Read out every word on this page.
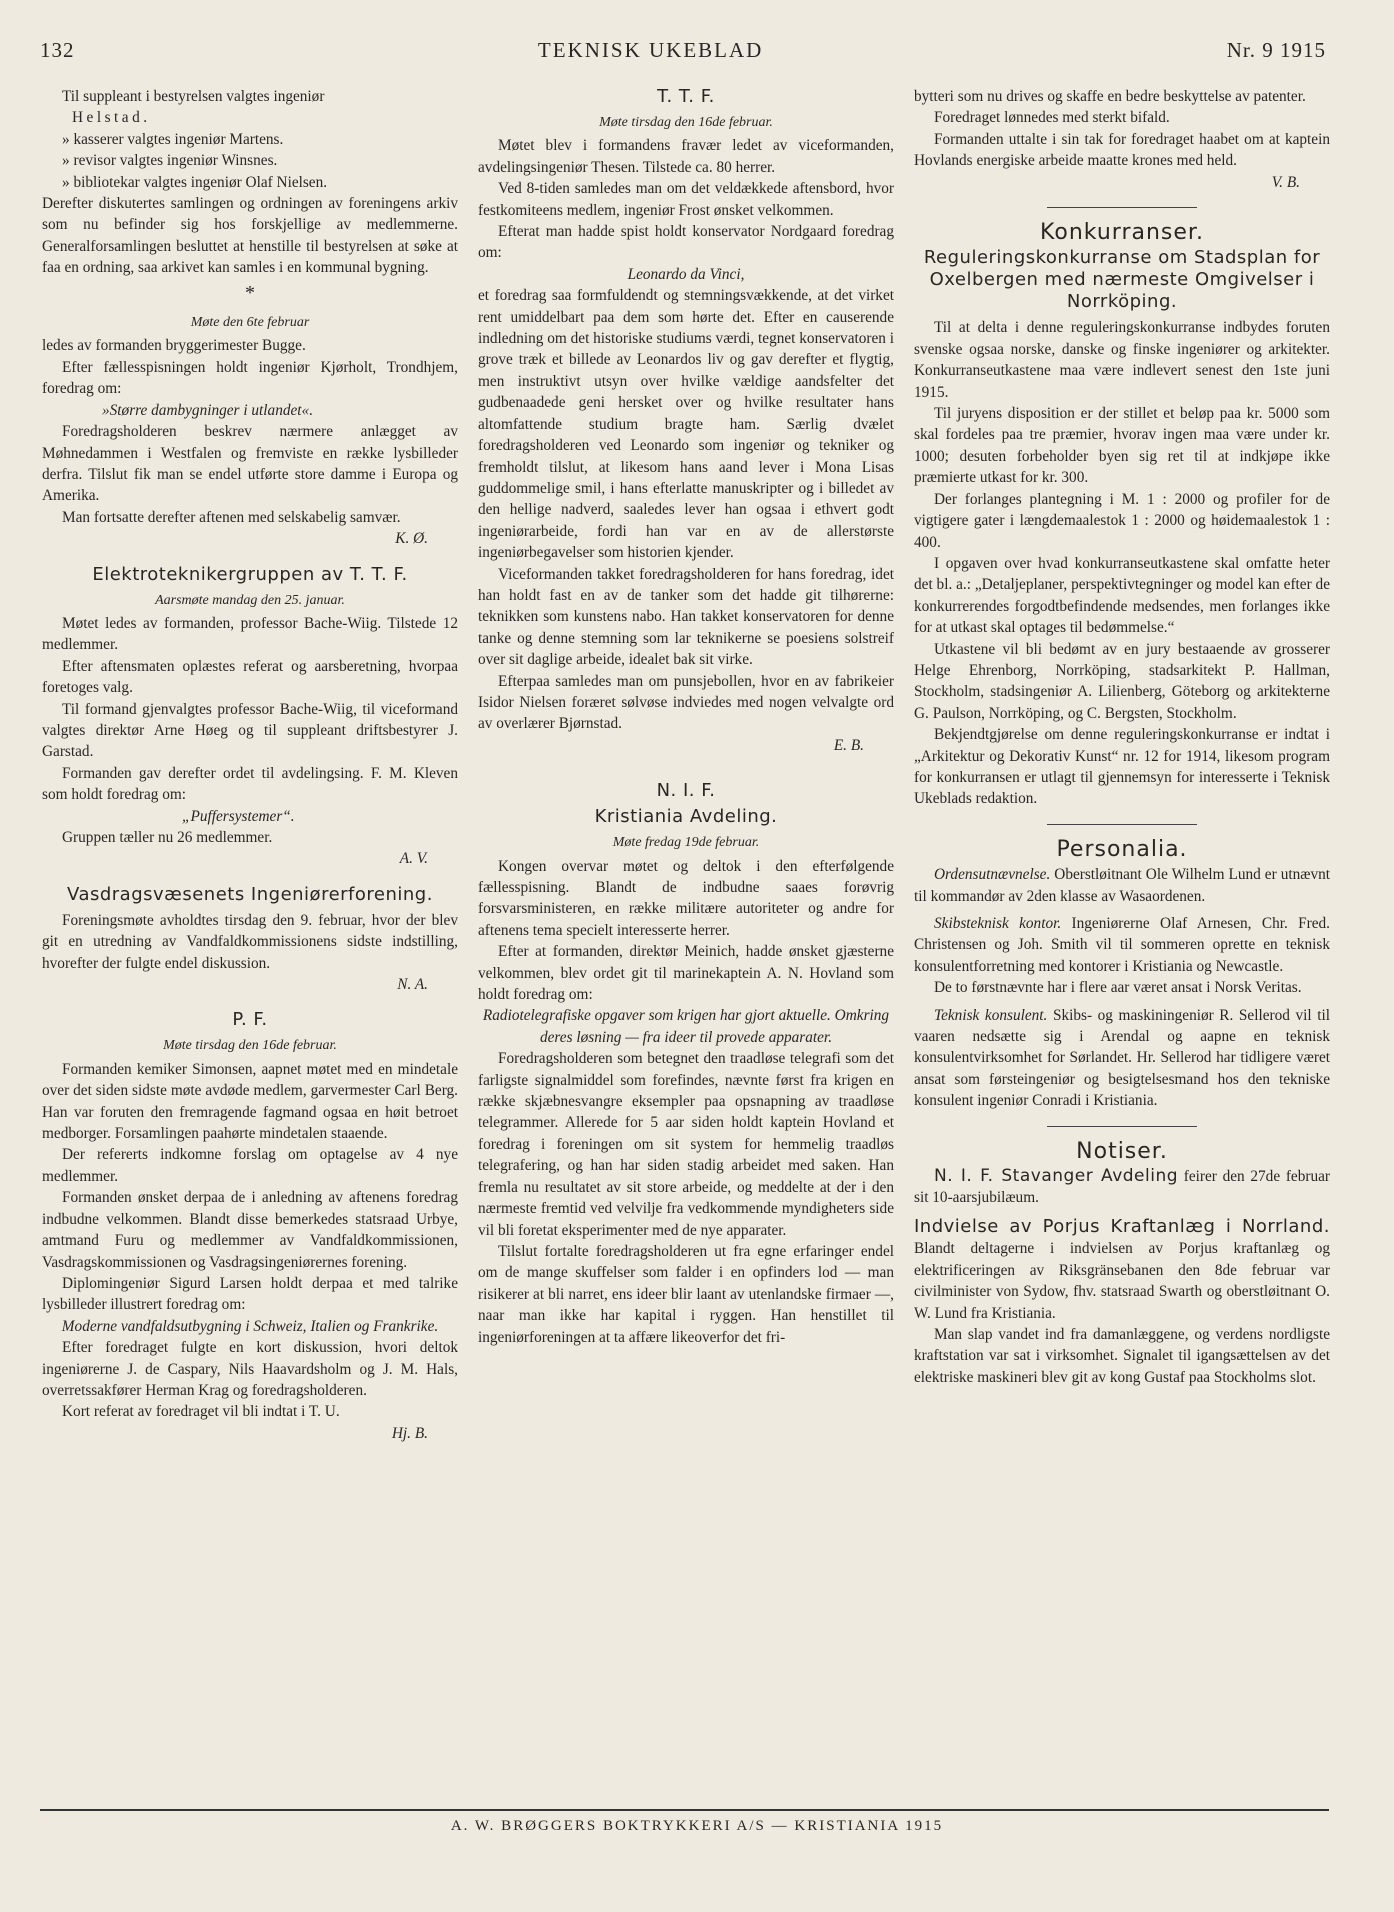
132	TEKNISK UKEBLAD	Nr. 9 1915

Til suppleant i bestyrelsen valgtes ingeniør

Helstad.

» kasserer valgtes ingeniør Martens.

» revisor valgtes ingeniør Winsnes.

» bibliotekar valgtes ingeniør Olaf Nielsen.

Derefter diskutertes samlingen og ordningen av foreningens arkiv som nu befinder sig hos forskjellige av medlemmerne. Generalforsamlingen besluttet at henstille til bestyrelsen at søke at faa en ordning, saa arkivet kan samles i en kommunal bygning.

*
Møte den 6te februar

ledes av formanden bryggerimester Bugge.

Efter fællesspisningen holdt ingeniør Kjørholt, Trondhjem, foredrag om:

»Større dambygninger i utlandet«.

Foredragsholderen beskrev nærmere anlægget av Møhnedammen i Westfalen og fremviste en række lysbilleder derfra. Tilslut fik man se endel utførte store damme i Europa og Amerika.

Man fortsatte derefter aftenen med selskabelig samvær.

K. Ø.

Elektroteknikergruppen av T. T. F.
Aarsmøte mandag den 25. januar.

Møtet ledes av formanden, professor Bache-Wiig. Tilstede 12 medlemmer.

Efter aftensmaten oplæstes referat og aarsberetning, hvorpaa foretoges valg.

Til formand gjenvalgtes professor Bache-Wiig, til viceformand valgtes direktør Arne Høeg og til suppleant driftsbestyrer J. Garstad.

Formanden gav derefter ordet til avdelingsing. F. M. Kleven som holdt foredrag om:

„Puffersystemer“.

Gruppen tæller nu 26 medlemmer.

A. V.

Vasdragsvæsenets Ingeniørerforening.

Foreningsmøte avholdtes tirsdag den 9. februar, hvor der blev git en utredning av Vandfaldkommissionens sidste indstilling, hvorefter der fulgte endel diskussion.

N. A.

P. F.
Møte tirsdag den 16de februar.

Formanden kemiker Simonsen, aapnet møtet med en mindetale over det siden sidste møte avdøde medlem, garvermester Carl Berg. Han var foruten den fremragende fagmand ogsaa en høit betroet medborger. Forsamlingen paahørte mindetalen staaende.

Der refererts indkomne forslag om optagelse av 4 nye medlemmer.

Formanden ønsket derpaa de i anledning av aftenens foredrag indbudne velkommen. Blandt disse bemerkedes statsraad Urbye, amtmand Furu og medlemmer av Vandfaldkommissionen, Vasdragskommissionen og Vasdragsingeniørernes forening.

Diplomingeniør Sigurd Larsen holdt derpaa et med talrike lysbilleder illustrert foredrag om:

Moderne vandfaldsutbygning i Schweiz, Italien og Frankrike.

Efter foredraget fulgte en kort diskussion, hvori deltok ingeniørerne J. de Caspary, Nils Haavardsholm og J. M. Hals, overretssakfører Herman Krag og foredragsholderen.

Kort referat av foredraget vil bli indtat i T. U.

Hj. B.

T. T. F.
Møte tirsdag den 16de februar.

Møtet blev i formandens fravær ledet av viceformanden, avdelingsingeniør Thesen. Tilstede ca. 80 herrer.

Ved 8-tiden samledes man om det veldækkede aftensbord, hvor festkomiteens medlem, ingeniør Frost ønsket velkommen.

Efterat man hadde spist holdt konservator Nordgaard foredrag om:

Leonardo da Vinci,

et foredrag saa formfuldendt og stemningsvækkende, at det virket rent umiddelbart paa dem som hørte det. Efter en causerende indledning om det historiske studiums værdi, tegnet konservatoren i grove træk et billede av Leonardos liv og gav derefter et flygtig, men instruktivt utsyn over hvilke vældige aandsfelter det gudbenaadede geni hersket over og hvilke resultater hans altomfattende studium bragte ham. Særlig dvælet foredragsholderen ved Leonardo som ingeniør og tekniker og fremholdt tilslut, at likesom hans aand lever i Mona Lisas guddommelige smil, i hans efterlatte manuskripter og i billedet av den hellige nadverd, saaledes lever han ogsaa i ethvert godt ingeniørarbeide, fordi han var en av de allerstørste ingeniørbegavelser som historien kjender.

Viceformanden takket foredragsholderen for hans foredrag, idet han holdt fast en av de tanker som det hadde git tilhørerne: teknikken som kunstens nabo. Han takket konservatoren for denne tanke og denne stemning som lar teknikerne se poesiens solstreif over sit daglige arbeide, idealet bak sit virke.

Efterpaa samledes man om punsjebollen, hvor en av fabrikeier Isidor Nielsen foræret sølvøse indviedes med nogen velvalgte ord av overlærer Bjørnstad.

E. B.

N. I. F.
Kristiania Avdeling.
Møte fredag 19de februar.

Kongen overvar møtet og deltok i den efterfølgende fællesspisning. Blandt de indbudne saaes forøvrig forsvarsministeren, en række militære autoriteter og andre for aftenens tema specielt interesserte herrer.

Efter at formanden, direktør Meinich, hadde ønsket gjæsterne velkommen, blev ordet git til marinekaptein A. N. Hovland som holdt foredrag om:

Radiotelegrafiske opgaver som krigen har gjort aktuelle. Omkring deres løsning — fra ideer til provede apparater.

Foredragsholderen som betegnet den traadløse telegrafi som det farligste signalmiddel som forefindes, nævnte først fra krigen en række skjæbnesvangre eksempler paa opsnapning av traadløse telegrammer. Allerede for 5 aar siden holdt kaptein Hovland et foredrag i foreningen om sit system for hemmelig traadløs telegrafering, og han har siden stadig arbeidet med saken. Han fremla nu resultatet av sit store arbeide, og meddelte at der i den nærmeste fremtid ved velvilje fra vedkommende myndigheters side vil bli foretat eksperimenter med de nye apparater.

Tilslut fortalte foredragsholderen ut fra egne erfaringer endel om de mange skuffelser som falder i en opfinders lod — man risikerer at bli narret, ens ideer blir laant av utenlandske firmaer —, naar man ikke har kapital i ryggen. Han henstillet til ingeniørforeningen at ta affære likeoverfor det fri-

bytteri som nu drives og skaffe en bedre beskyttelse av patenter.

Foredraget lønnedes med sterkt bifald.

Formanden uttalte i sin tak for foredraget haabet om at kaptein Hovlands energiske arbeide maatte krones med held.

V. B.

Konkurranser.
Reguleringskonkurranse om Stadsplan for Oxelbergen med nærmeste Omgivelser i Norrköping.

Til at delta i denne reguleringskonkurranse indbydes foruten svenske ogsaa norske, danske og finske ingeniører og arkitekter. Konkurranseutkastene maa være indlevert senest den 1ste juni 1915.

Til juryens disposition er der stillet et beløp paa kr. 5000 som skal fordeles paa tre præmier, hvorav ingen maa være under kr. 1000; desuten forbeholder byen sig ret til at indkjøpe ikke præmierte utkast for kr. 300.

Der forlanges plantegning i M. 1 : 2000 og profiler for de vigtigere gater i længdemaalestok 1 : 2000 og høidemaalestok 1 : 400.

I opgaven over hvad konkurranseutkastene skal omfatte heter det bl. a.: „Detaljeplaner, perspektivtegninger og model kan efter de konkurrerendes forgodtbefindende medsendes, men forlanges ikke for at utkast skal optages til bedømmelse.“

Utkastene vil bli bedømt av en jury bestaaende av grosserer Helge Ehrenborg, Norrköping, stadsarkitekt P. Hallman, Stockholm, stadsingeniør A. Lilienberg, Göteborg og arkitekterne G. Paulson, Norrköping, og C. Bergsten, Stockholm.

Bekjendtgjørelse om denne reguleringskonkurranse er indtat i „Arkitektur og Dekorativ Kunst“ nr. 12 for 1914, likesom program for konkurransen er utlagt til gjennemsyn for interesserte i Teknisk Ukeblads redaktion.

Personalia.

Ordensutnævnelse. Oberstløitnant Ole Wilhelm Lund er utnævnt til kommandør av 2den klasse av Wasaordenen.

Skibsteknisk kontor. Ingeniørerne Olaf Arnesen, Chr. Fred. Christensen og Joh. Smith vil til sommeren oprette en teknisk konsulentforretning med kontorer i Kristiania og Newcastle.

De to førstnævnte har i flere aar været ansat i Norsk Veritas.

Teknisk konsulent. Skibs- og maskiningeniør R. Sellerod vil til vaaren nedsætte sig i Arendal og aapne en teknisk konsulentvirksomhet for Sørlandet. Hr. Sellerod har tidligere været ansat som førsteingeniør og besigtelsesmand hos den tekniske konsulent ingeniør Conradi i Kristiania.

Notiser.

N. I. F. Stavanger Avdeling feirer den 27de februar sit 10-aarsjubilæum.

Indvielse av Porjus Kraftanlæg i Norrland. Blandt deltagerne i indvielsen av Porjus kraftanlæg og elektrificeringen av Riksgränsebanen den 8de februar var civilminister von Sydow, fhv. statsraad Swarth og oberstløitnant O. W. Lund fra Kristiania.

Man slap vandet ind fra damanlæggene, og verdens nordligste kraftstation var sat i virksomhet. Signalet til igangsættelsen av det elektriske maskineri blev git av kong Gustaf paa Stockholms slot.

A. W. BRØGGERS BOKTRYKKERI A/S — KRISTIANIA 1915
